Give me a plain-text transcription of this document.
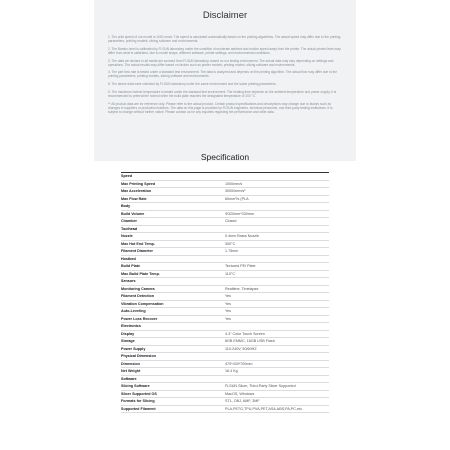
Disclaimer

1. The print speed of our model is 1000 mm/s. The speed is calculated automatically based on the printing algorithms. The actual speed may differ due to the printing parameters, printing models, slicing software and environments.

2. The Bambu-level is calibrated by FLSUN laboratory under the condition of moderate ambient and motion speed away from the printer. The actual printed level may differ from what is calibrated, due to model shape, different software, printer settings, and environmental conditions.

3. The data we declare in all media are sourced from FLSUN laboratory, based on our testing environment. The actual data may vary depending on settings and operations. The actual results may differ based on factors such as printer models, printing modes, slicing software and environments.

4. The part flow rate is tested under a standard test environment. The data is analyzed and depends on the printing algorithm. The actual flow may differ due to the printing parameters, printing models, slicing software and environments.

5. The above data were collected by FLSUN laboratory under the same environment and the same printing parameters.

6. The maximum hotend temperature is tested under the standard test environment. The heating time depends on the ambient temperature and power supply; it is recommended to preheat the hotend when the build plate reaches the designated temperature of 200 °C.

** All product data are for reference only. Please refer to the actual product. Certain product specifications and descriptions may change due to factors such as changes in suppliers or production batches. The data on this page is provided by FLSUN engineers, technical personnel, and third-party testing institutions. It is subject to change without further notice. Please contact us for any inquiries regarding the performance and other data.

Specification
Speed	
Max Printing Speed	1000mm/s
Max Acceleration	30000mm/s²
Max Flow Rate	60mm³/s (PLA
Body	
Build Volume	Φ320mm*330mm
Chamber	Closed
Toolhead	
Nozzle	0.4mm Brass Nozzle
Max Hot End Temp.	300°C
Filament Diameter	1.75mm
Hostbed	
Build Plate	Textured PEI Plate
Max Build Plate Temp.	110°C
Sensors	
Monitoring Camera	Realtime, Timelapse
Filament Detection	Yes
Vibration Compensation	Yes
Auto-Leveling	Yes
Power Loss Recover	Yes
Electronics	
Display	4.3" Color Touch Screen
Storage	8GB EMMC, 16GB USB Flash
Power Supply	110-240V, 50/60HZ
Physical Dimension	
Dimension	470*430*700mm
Net Weight	16.4 Kg
Software	
Slicing Software	FLSUN Slicer, Third-Party Slicer Supported
Slicer Supported OS	MacOS, Windows
Formats for Slicing	STL, OBJ, AMF, 3MF
Supported Filament	PLA,PETG,TPU,PVA,PET,ASA,ABS,PA,PC,etc.
